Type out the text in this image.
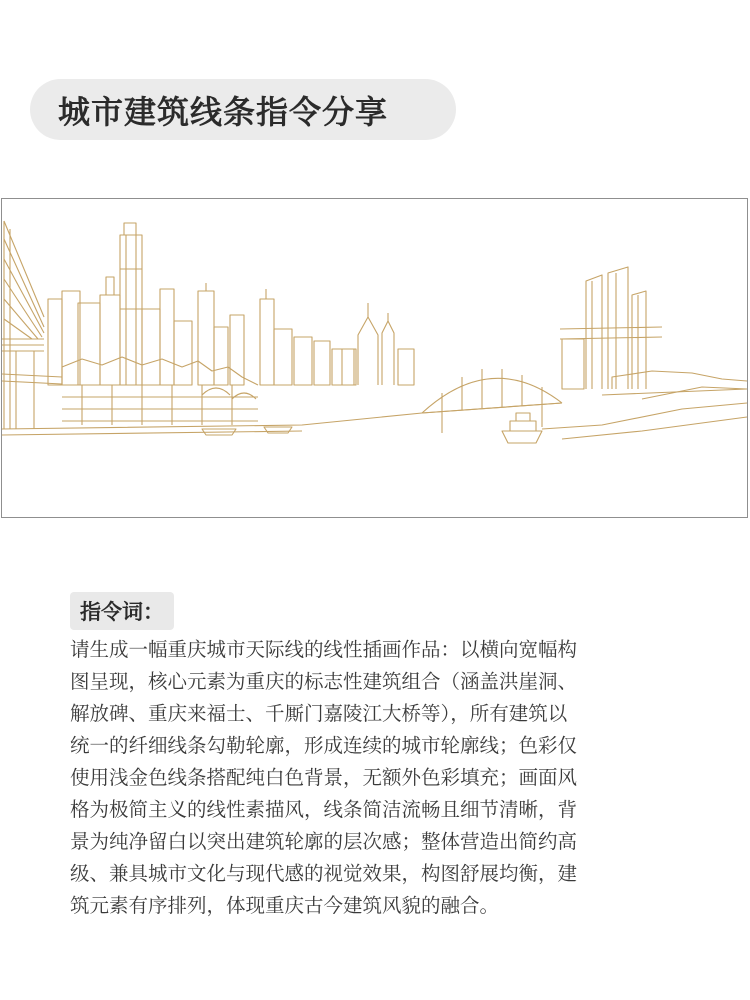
城市建筑线条指令分享
指令词：
请生成一幅重庆城市天际线的线性插画作品：以横向宽幅构
图呈现，核心元素为重庆的标志性建筑组合（涵盖洪崖洞、
解放碑、重庆来福士、千厮门嘉陵江大桥等），所有建筑以
统一的纤细线条勾勒轮廓，形成连续的城市轮廓线；色彩仅
使用浅金色线条搭配纯白色背景，无额外色彩填充；画面风
格为极简主义的线性素描风，线条简洁流畅且细节清晰，背
景为纯净留白以突出建筑轮廓的层次感；整体营造出简约高
级、兼具城市文化与现代感的视觉效果，构图舒展均衡，建
筑元素有序排列，体现重庆古今建筑风貌的融合。
